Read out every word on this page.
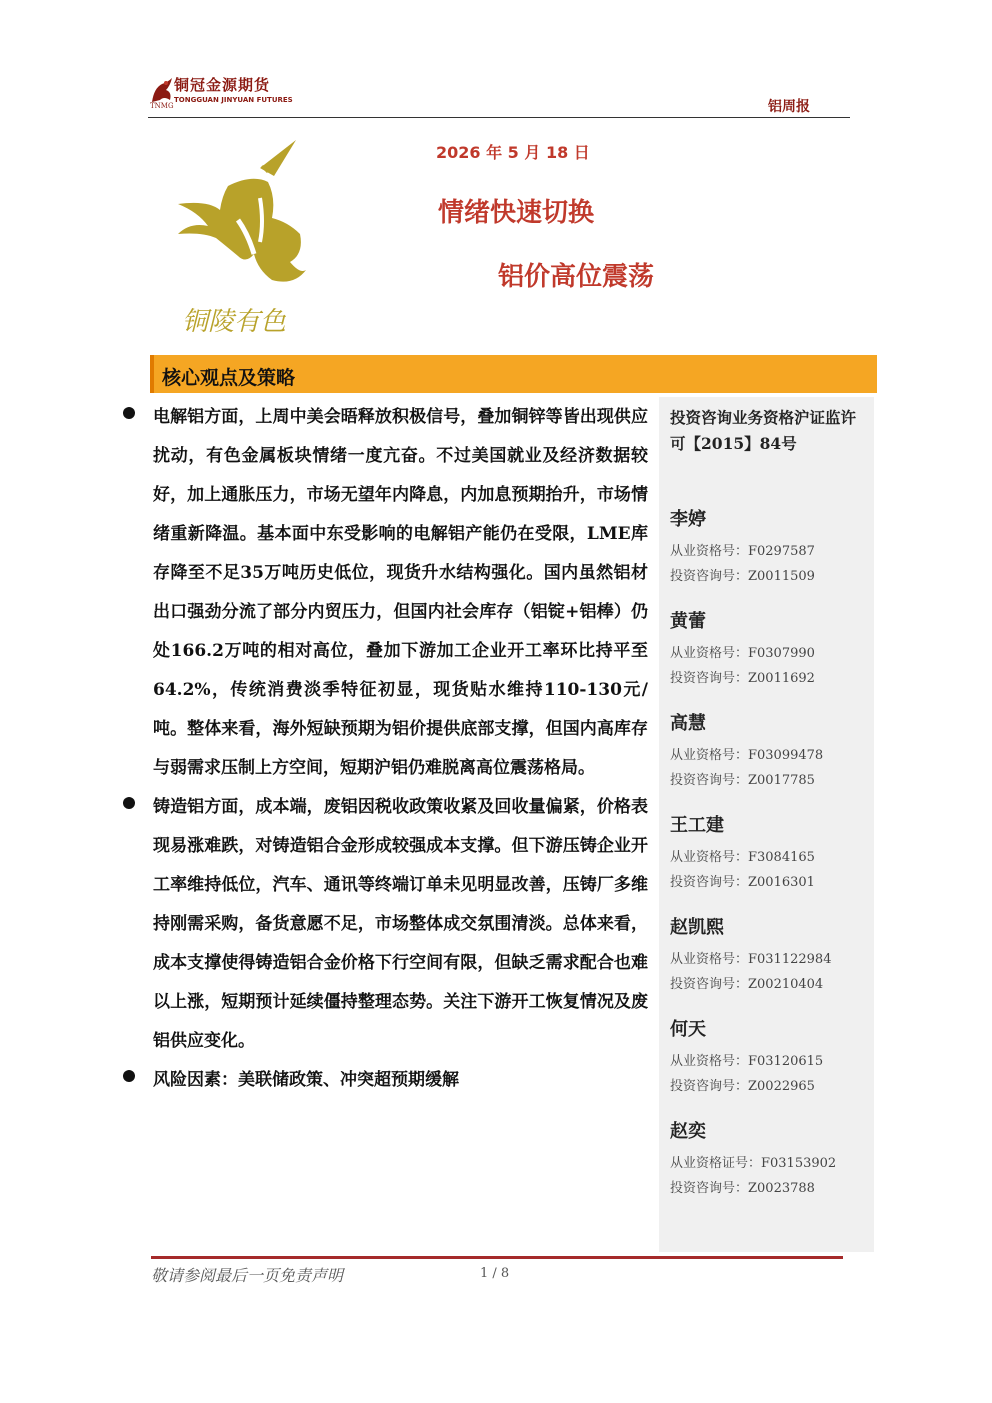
铜冠金源期货
TONGGUAN JINYUAN FUTURES
TNMG	铝周报
铜陵有色
2026 年 5 月 18 日
情绪快速切换
铝价高位震荡
核心观点及策略

电解铝方面，上周中美会晤释放积极信号，叠加铜锌等皆出现供应扰动，有色金属板块情绪一度亢奋。不过美国就业及经济数据较好，加上通胀压力，市场无望年内降息，内加息预期抬升，市场情绪重新降温。基本面中东受影响的电解铝产能仍在受限，LME库存降至不足35万吨历史低位，现货升水结构强化。国内虽然铝材出口强劲分流了部分内贸压力，但国内社会库存（铝锭+铝棒）仍处166.2万吨的相对高位，叠加下游加工企业开工率环比持平至64.2%，传统消费淡季特征初显，现货贴水维持110-130元/吨。整体来看，海外短缺预期为铝价提供底部支撑，但国内高库存与弱需求压制上方空间，短期沪铝仍难脱离高位震荡格局。

铸造铝方面，成本端，废铝因税收政策收紧及回收量偏紧，价格表现易涨难跌，对铸造铝合金形成较强成本支撑。但下游压铸企业开工率维持低位，汽车、通讯等终端订单未见明显改善，压铸厂多维持刚需采购，备货意愿不足，市场整体成交氛围清淡。总体来看，成本支撑使得铸造铝合金价格下行空间有限，但缺乏需求配合也难以上涨，短期预计延续僵持整理态势。关注下游开工恢复情况及废铝供应变化。

风险因素：美联储政策、冲突超预期缓解

投资咨询业务资格沪证监许可【2015】84号
李婷
从业资格号：F0297587
投资咨询号：Z0011509
黄蕾
从业资格号：F0307990
投资咨询号：Z0011692
高慧
从业资格号：F03099478
投资咨询号：Z0017785
王工建
从业资格号：F3084165
投资咨询号：Z0016301
赵凯熙
从业资格号：F031122984
投资咨询号：Z00210404
何天
从业资格号：F03120615
投资咨询号：Z0022965
赵奕
从业资格证号：F03153902
投资咨询号：Z0023788
敬请参阅最后一页免责声明	1 / 8
